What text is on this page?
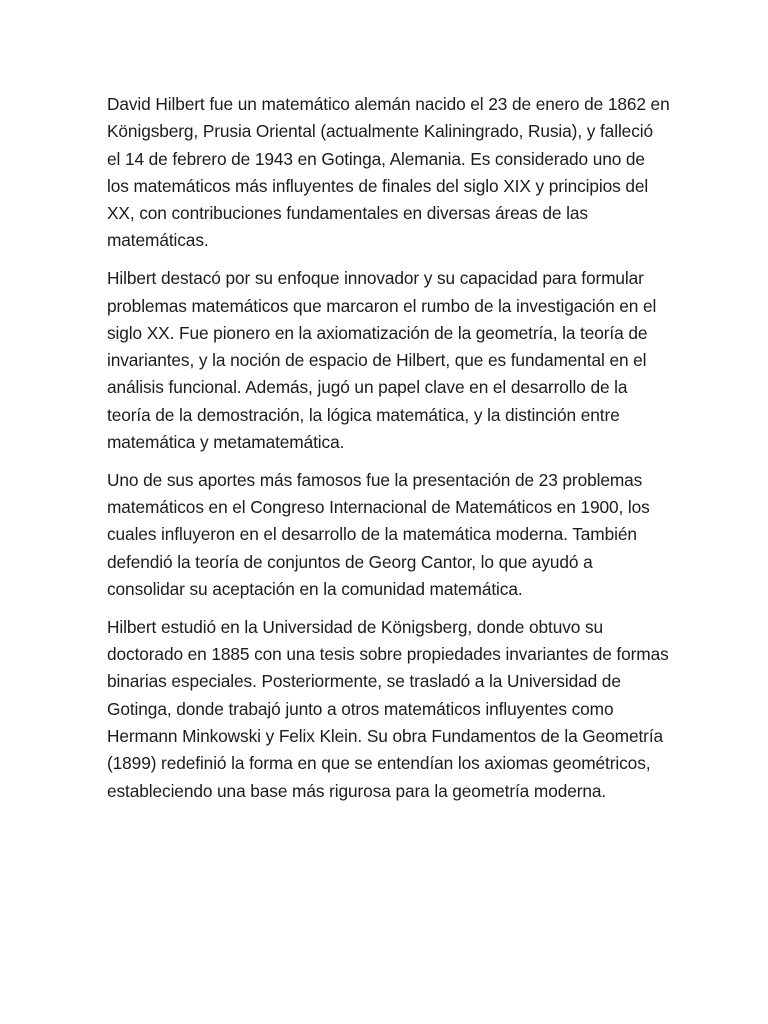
David Hilbert fue un matemático alemán nacido el 23 de enero de 1862 en Königsberg, Prusia Oriental (actualmente Kaliningrado, Rusia), y falleció el 14 de febrero de 1943 en Gotinga, Alemania. Es considerado uno de los matemáticos más influyentes de finales del siglo XIX y principios del XX, con contribuciones fundamentales en diversas áreas de las matemáticas.

Hilbert destacó por su enfoque innovador y su capacidad para formular problemas matemáticos que marcaron el rumbo de la investigación en el siglo XX. Fue pionero en la axiomatización de la geometría, la teoría de invariantes, y la noción de espacio de Hilbert, que es fundamental en el análisis funcional. Además, jugó un papel clave en el desarrollo de la teoría de la demostración, la lógica matemática, y la distinción entre matemática y metamatemática.

Uno de sus aportes más famosos fue la presentación de 23 problemas matemáticos en el Congreso Internacional de Matemáticos en 1900, los cuales influyeron en el desarrollo de la matemática moderna. También defendió la teoría de conjuntos de Georg Cantor, lo que ayudó a consolidar su aceptación en la comunidad matemática.

Hilbert estudió en la Universidad de Königsberg, donde obtuvo su doctorado en 1885 con una tesis sobre propiedades invariantes de formas binarias especiales. Posteriormente, se trasladó a la Universidad de Gotinga, donde trabajó junto a otros matemáticos influyentes como Hermann Minkowski y Felix Klein. Su obra Fundamentos de la Geometría (1899) redefinió la forma en que se entendían los axiomas geométricos, estableciendo una base más rigurosa para la geometría moderna.
